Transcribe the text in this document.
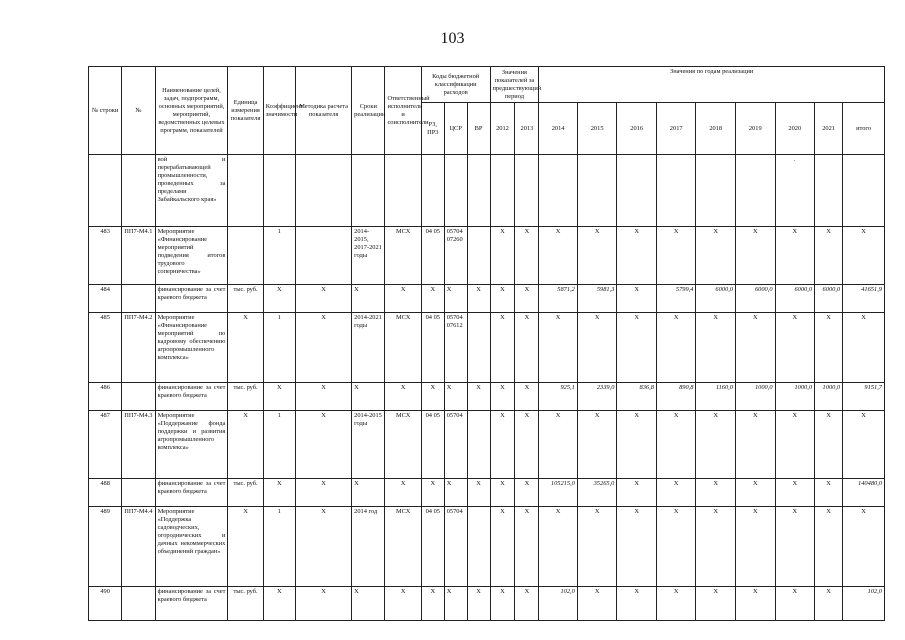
103
№ строки	№	Наименование целей, задач, подпрограмм, основных мероприятий, мероприятий, ведомственных целевых программ, показателей	Единица измерения показателя	Коэффициент значимости	Методика расчета показателя	Сроки реализации	Ответственный исполнитель и соисполнители	Коды бюджетной классификации расходов			Значения показателей за предшествующий период		Значения по годам реализации								
								РЗ, ПР3	ЦСР	ВР	2012	2013	2014	2015	2016	2017	2018	2019	2020	2021	итого
		вой и перерабатывающей промышленности, проведенных за пределами Забайкальского края»																	.		
483	ПП7-М4.1	Мероприятие «Финансирование мероприятий подведения итогов трудового соперничества»		1		2014-2015, 2017-2021 годы	МСХ	04 05	05704 07260		X	X	X	X	X	X	X	X	X	X	X
484		финансирование за счет краевого бюджета	тыс. руб.	X	X	X	X	X	X	X	X	X	5871,2	5981,3	X	5799,4	6000,0	6000,0	6000,0	6000,0	41651,9
485	ПП7-М4.2	Мероприятие «Финансирование мероприятий по кадровому обеспечению агропромышленного комплекса»	X	1	X	2014-2021 годы	МСХ	04 05	05704 07612		X	X	X	X	X	X	X	X	X	X	X
486		финансирование за счет краевого бюджета	тыс. руб.	X	X	X	X	X	X	X	X	X	925,1	2339,0	836,8	890,8	1160,0	1000,0	1000,0	1000,0	9151,7
487	ПП7-М4.3	Мероприятие «Поддержание фонда поддержки и развития агропромышленного комплекса»	X	1	X	2014-2015 годы	МСХ	04 05	05704		X	X	X	X	X	X	X	X	X	X	X
488		финансирование за счет краевого бюджета	тыс. руб.	X	X	X	X	X	X	X	X	X	105215,0	35265,0	X	X	X	X	X	X	140480,0
489	ПП7-М4.4	Мероприятие «Поддержка садоводческих, огороднических и дачных некоммерческих объединений граждан»	X	1	X	2014 год	МСХ	04 05	05704		X	X	X	X	X	X	X	X	X	X	X
490		финансирование за счет краевого бюджета	тыс. руб.	X	X	X	X	X	X	X	X	X	102,0	X	X	X	X	X	X	X	102,0
